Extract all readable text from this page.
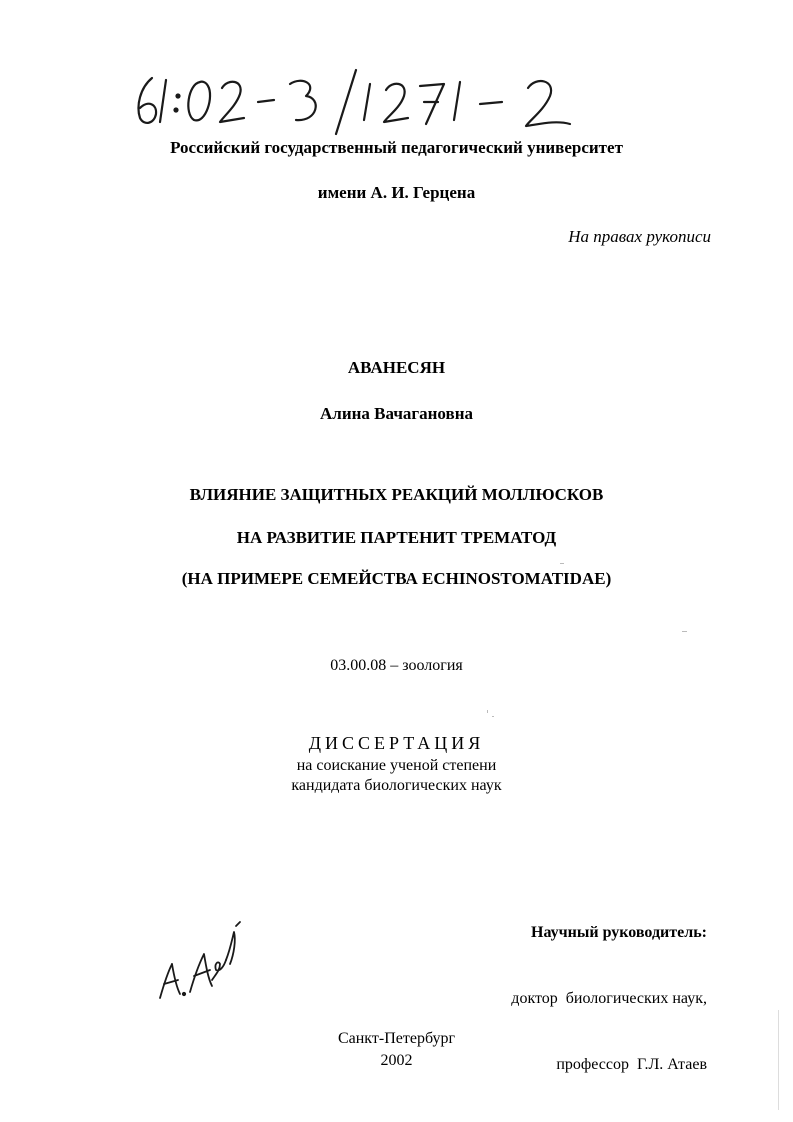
Российский государственный педагогический университет
имени А. И. Герцена
На правах рукописи
АВАНЕСЯН
Алина Вачагановна
ВЛИЯНИЕ ЗАЩИТНЫХ РЕАКЦИЙ МОЛЛЮСКОВ
НА РАЗВИТИЕ ПАРТЕНИТ ТРЕМАТОД
(НА ПРИМЕРЕ СЕМЕЙСТВА ECHINOSTOMATIDAE)
03.00.08 – зоология
ДИССЕРТАЦИЯ
на соискание ученой степени
кандидата биологических наук

Научный руководитель:

доктор  биологических наук,

профессор  Г.Л. Атаев

Санкт-Петербург
2002
